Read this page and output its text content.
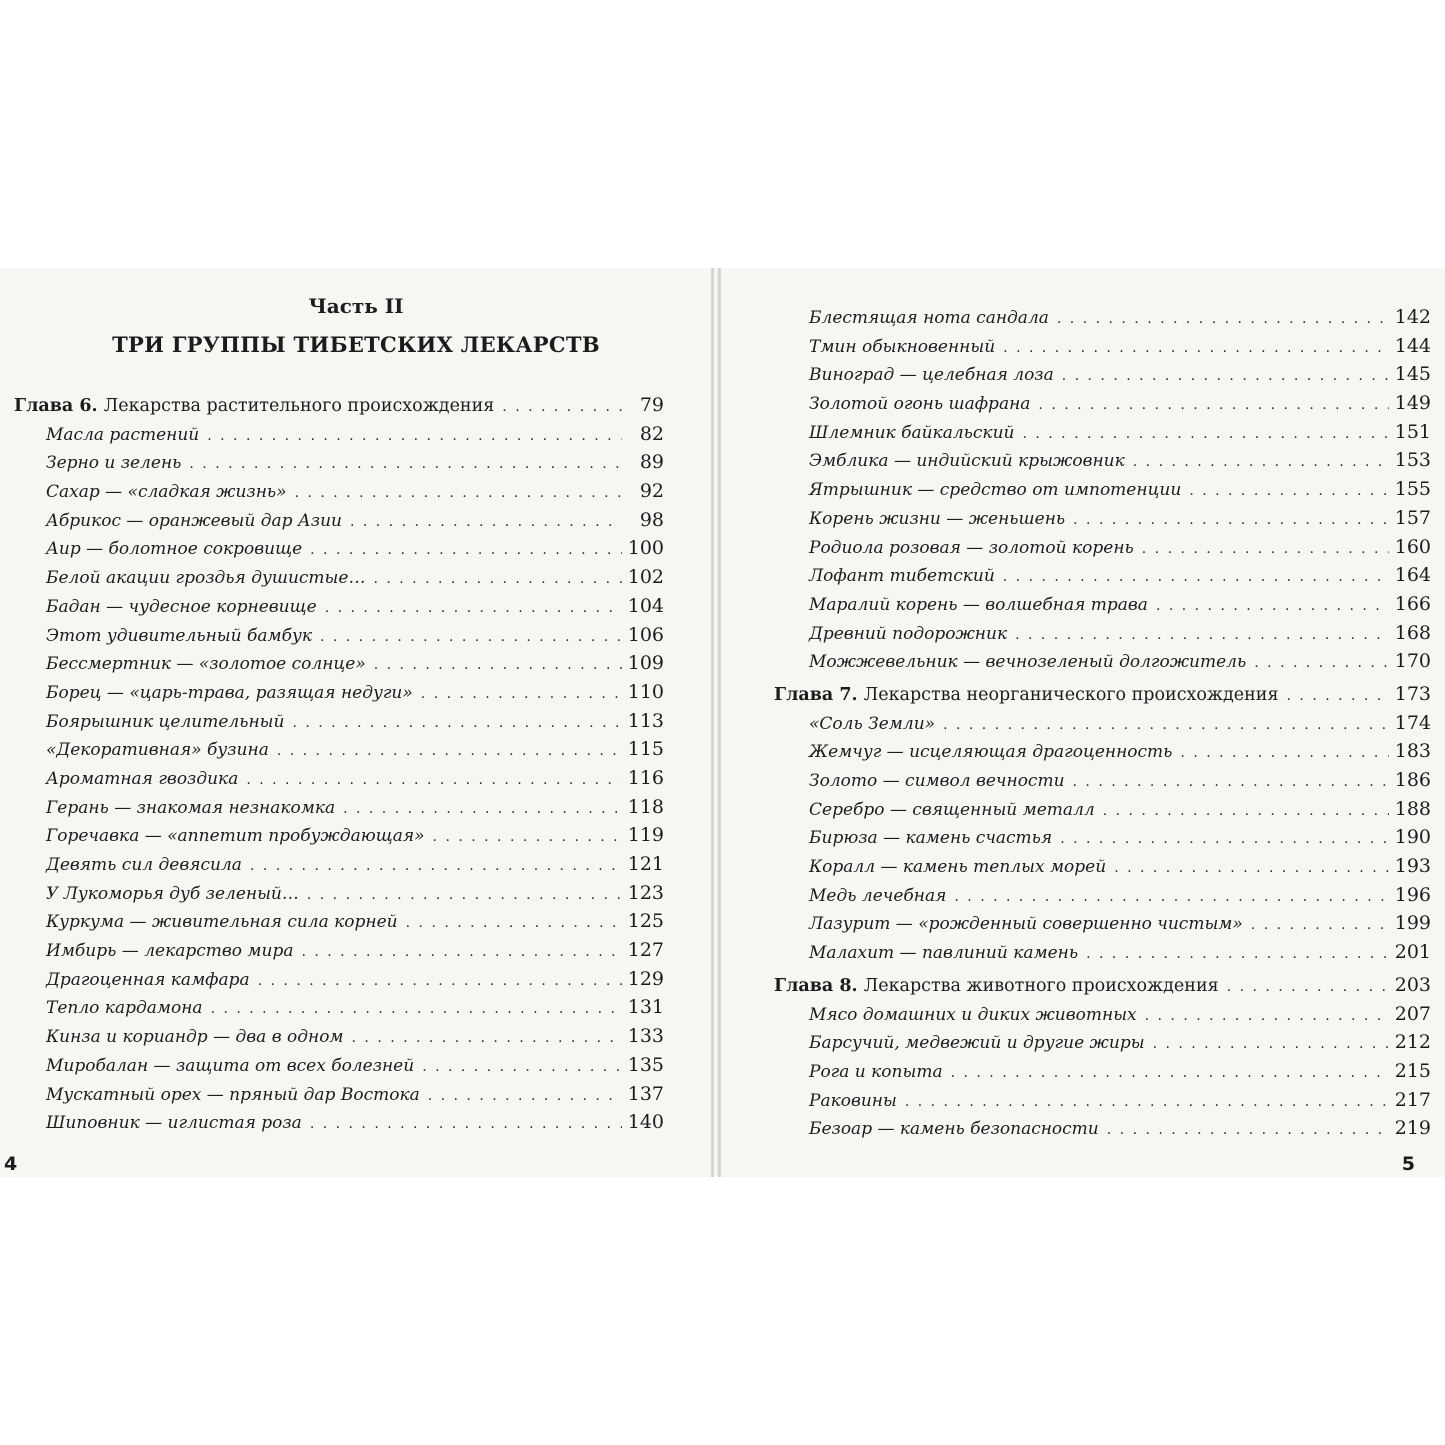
Часть II
ТРИ ГРУППЫ ТИБЕТСКИХ ЛЕКАРСТВ
Глава 6. Лекарства растительного происхождения . . .	79
Масла растений . . .	82
Зерно и зелень . . .	89
Сахар — «сладкая жизнь» . . .	92
Абрикос — оранжевый дар Азии . . .	98
Аир — болотное сокровище . . .	100
Белой акации гроздья душистые… . . .	102
Бадан — чудесное корневище . . .	104
Этот удивительный бамбук . . .	106
Бессмертник — «золотое солнце» . . .	109
Борец — «царь-трава, разящая недуги» . . .	110
Боярышник целительный . . .	113
«Декоративная» бузина . . .	115
Ароматная гвоздика . . .	116
Герань — знакомая незнакомка . . .	118
Горечавка — «аппетит пробуждающая» . . .	119
Девять сил девясила . . .	121
У Лукоморья дуб зеленый… . . .	123
Куркума — живительная сила корней . . .	125
Имбирь — лекарство мира . . .	127
Драгоценная камфара . . .	129
Тепло кардамона . . .	131
Кинза и кориандр — два в одном . . .	133
Миробалан — защита от всех болезней . . .	135
Мускатный орех — пряный дар Востока . . .	137
Шиповник — иглистая роза . . .	140
4
Блестящая нота сандала . . .	142
Тмин обыкновенный . . .	144
Виноград — целебная лоза . . .	145
Золотой огонь шафрана . . .	149
Шлемник байкальский . . .	151
Эмблика — индийский крыжовник . . .	153
Ятрышник — средство от импотенции . . .	155
Корень жизни — женьшень . . .	157
Родиола розовая — золотой корень . . .	160
Лофант тибетский . . .	164
Маралий корень — волшебная трава . . .	166
Древний подорожник . . .	168
Можжевельник — вечнозеленый долгожитель . . .	170
Глава 7. Лекарства неорганического происхождения . . .	173
«Соль Земли» . . .	174
Жемчуг — исцеляющая драгоценность . . .	183
Золото — символ вечности . . .	186
Серебро — священный металл . . .	188
Бирюза — камень счастья . . .	190
Коралл — камень теплых морей . . .	193
Медь лечебная . . .	196
Лазурит — «рожденный совершенно чистым» . . .	199
Малахит — павлиний камень . . .	201
Глава 8. Лекарства животного происхождения . . .	203
Мясо домашних и диких животных . . .	207
Барсучий, медвежий и другие жиры . . .	212
Рога и копыта . . .	215
Раковины . . .	217
Безоар — камень безопасности . . .	219
5
